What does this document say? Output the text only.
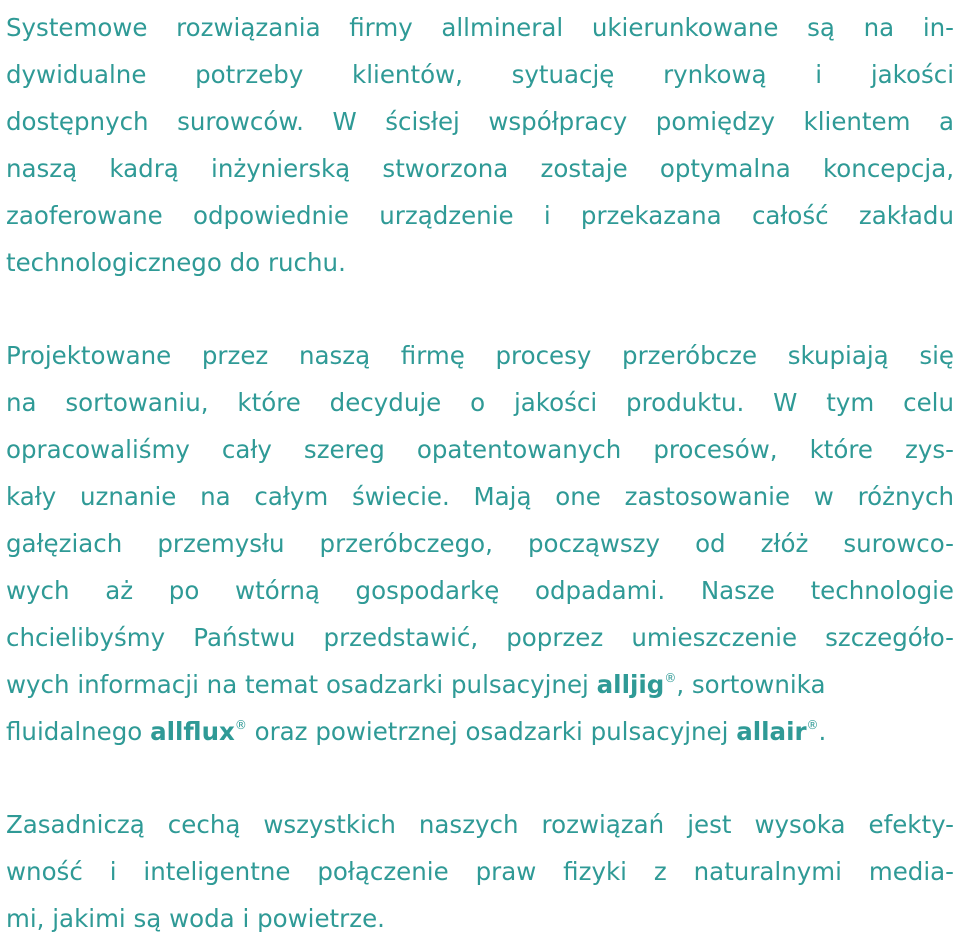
Systemowe rozwiązania firmy allmineral ukierunkowane są na in-
dywidualne potrzeby klientów, sytuację rynkową i jakości
dostępnych surowców. W ścisłej współpracy pomiędzy klientem a
naszą kadrą inżynierską stworzona zostaje optymalna koncepcja,
zaoferowane odpowiednie urządzenie i przekazana całość zakładu
technologicznego do ruchu.

Projektowane przez naszą firmę procesy przeróbcze skupiają się
na sortowaniu, które decyduje o jakości produktu. W tym celu
opracowaliśmy cały szereg opatentowanych procesów, które zys-
kały uznanie na całym świecie. Mają one zastosowanie w różnych
gałęziach przemysłu przeróbczego, począwszy od złóż surowco-
wych aż po wtórną gospodarkę odpadami. Nasze technologie
chcielibyśmy Państwu przedstawić, poprzez umieszczenie szczegóło-
wych informacji na temat osadzarki pulsacyjnej alljig®, sortownika
fluidalnego allflux® oraz powietrznej osadzarki pulsacyjnej allair®.

Zasadniczą cechą wszystkich naszych rozwiązań jest wysoka efekty-
wność i inteligentne połączenie praw fizyki z naturalnymi media-
mi, jakimi są woda i powietrze.
